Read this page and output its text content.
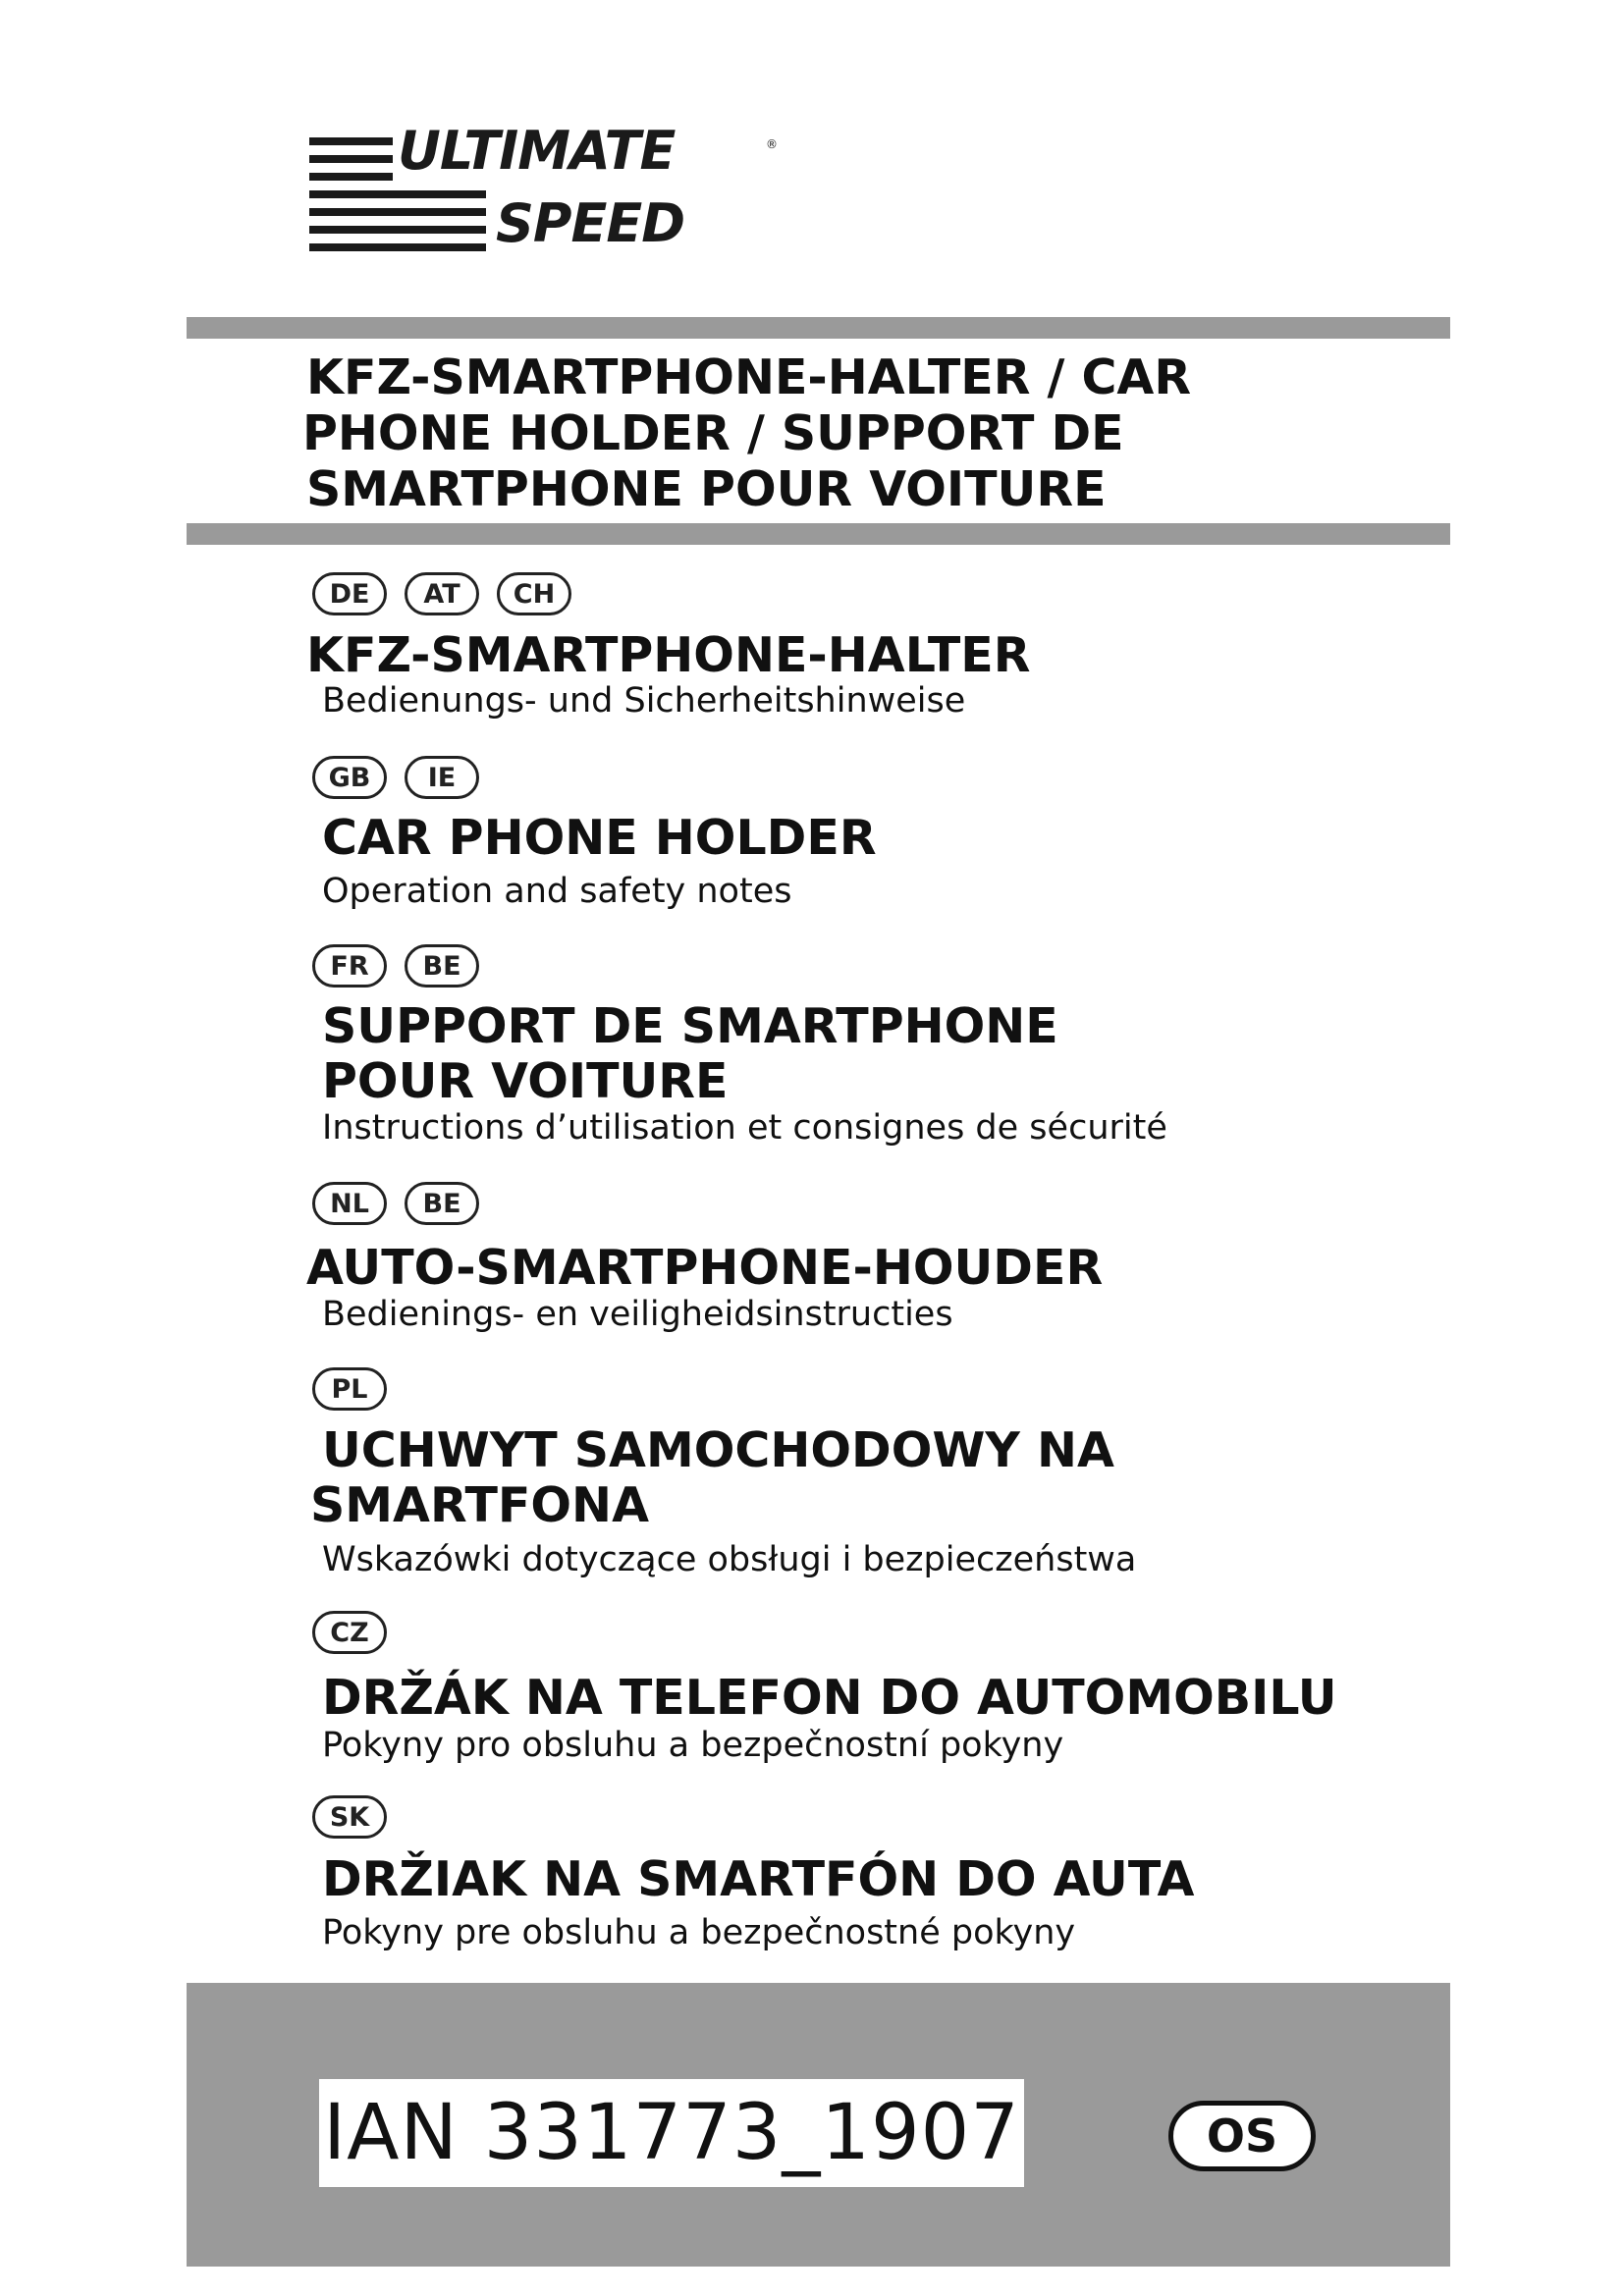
ULTIMATE
SPEED
®
KFZ-SMARTPHONE-HALTER / CAR
PHONE HOLDER / SUPPORT DE
SMARTPHONE POUR VOITURE
DE	AT	CH
KFZ-SMARTPHONE-HALTER
Bedienungs- und Sicherheitshinweise
GB	IE
CAR PHONE HOLDER
Operation and safety notes
FR	BE
SUPPORT DE SMARTPHONE
POUR VOITURE
Instructions d’utilisation et consignes de sécurité
NL	BE
AUTO-SMARTPHONE-HOUDER
Bedienings- en veiligheidsinstructies
PL
UCHWYT SAMOCHODOWY NA
SMARTFONA
Wskazówki dotyczące obsługi i bezpieczeństwa
CZ
DRŽÁK NA TELEFON DO AUTOMOBILU
Pokyny pro obsluhu a bezpečnostní pokyny
SK
DRŽIAK NA SMARTFÓN DO AUTA
Pokyny pre obsluhu a bezpečnostné pokyny
IAN 331773_1907	OS
